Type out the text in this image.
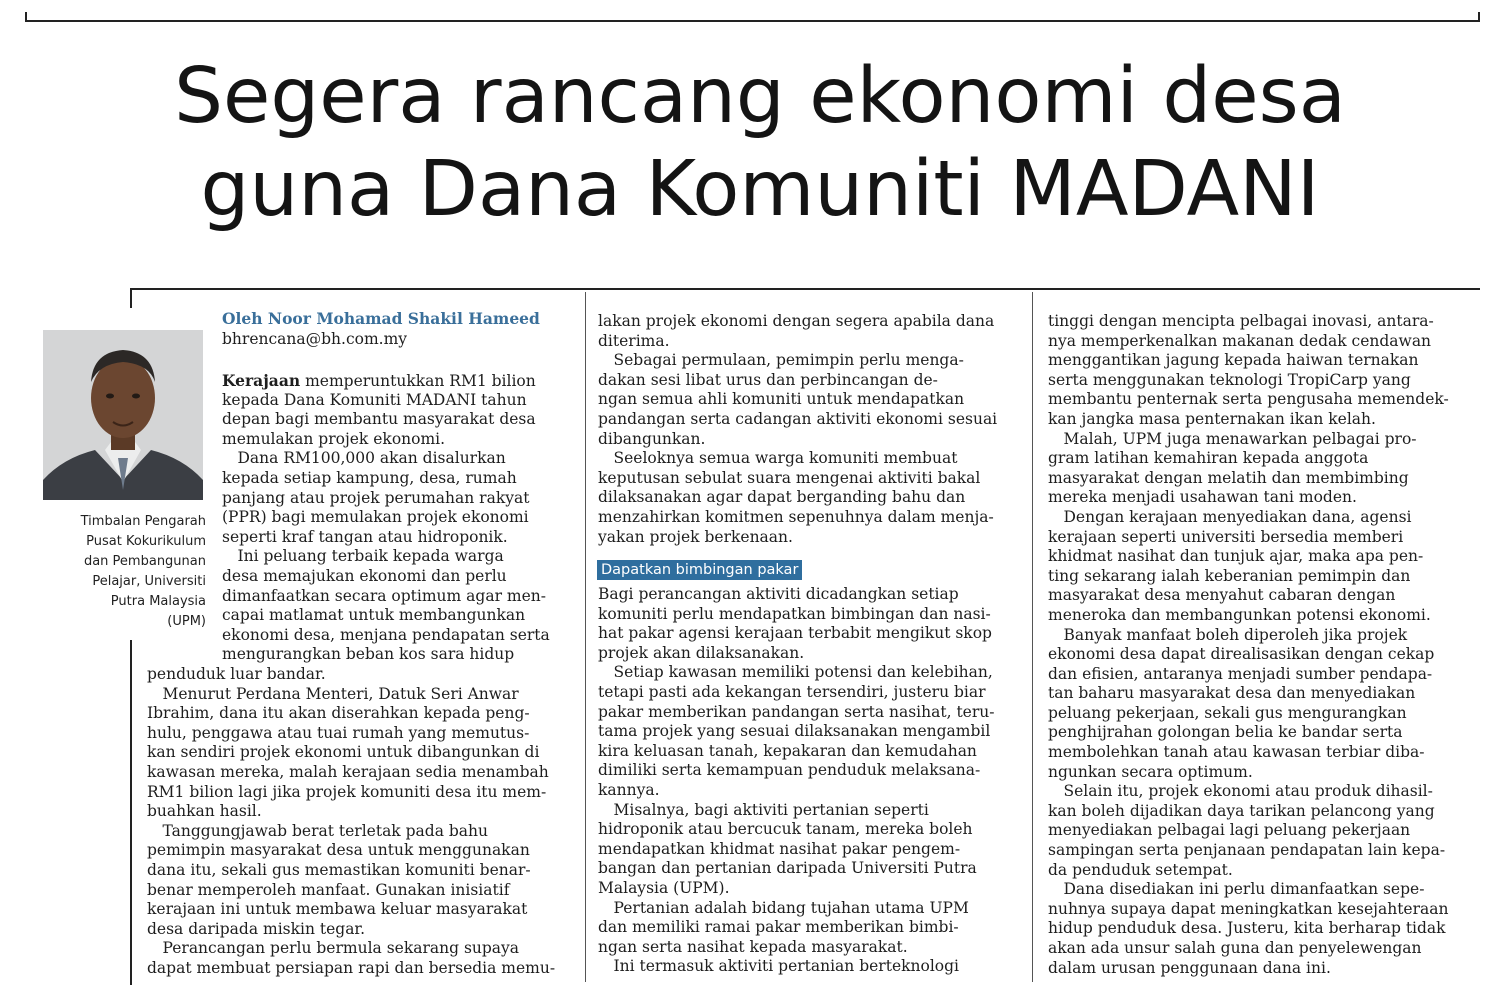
Segera rancang ekonomi desa
guna Dana Komuniti MADANI
Timbalan Pengarah
Pusat Kokurikulum
dan Pembangunan
Pelajar, Universiti
Putra Malaysia
(UPM)
Oleh Noor Mohamad Shakil Hameed
bhrencana@bh.com.my
Kerajaan memperuntukkan RM1 bilion
kepada Dana Komuniti MADANI tahun
depan bagi membantu masyarakat desa
memulakan projek ekonomi.
 Dana RM100,000 akan disalurkan
kepada setiap kampung, desa, rumah
panjang atau projek perumahan rakyat
(PPR) bagi memulakan projek ekonomi
seperti kraf tangan atau hidroponik.
 Ini peluang terbaik kepada warga
desa memajukan ekonomi dan perlu
dimanfaatkan secara optimum agar men-
capai matlamat untuk membangunkan
ekonomi desa, menjana pendapatan serta
mengurangkan beban kos sara hidup
penduduk luar bandar.
 Menurut Perdana Menteri, Datuk Seri Anwar
Ibrahim, dana itu akan diserahkan kepada peng-
hulu, penggawa atau tuai rumah yang memutus-
kan sendiri projek ekonomi untuk dibangunkan di
kawasan mereka, malah kerajaan sedia menambah
RM1 bilion lagi jika projek komuniti desa itu mem-
buahkan hasil.
 Tanggungjawab berat terletak pada bahu
pemimpin masyarakat desa untuk menggunakan
dana itu, sekali gus memastikan komuniti benar-
benar memperoleh manfaat. Gunakan inisiatif
kerajaan ini untuk membawa keluar masyarakat
desa daripada miskin tegar.
 Perancangan perlu bermula sekarang supaya
dapat membuat persiapan rapi dan bersedia memu-
lakan projek ekonomi dengan segera apabila dana
diterima.
 Sebagai permulaan, pemimpin perlu menga-
dakan sesi libat urus dan perbincangan de-
ngan semua ahli komuniti untuk mendapatkan
pandangan serta cadangan aktiviti ekonomi sesuai
dibangunkan.
 Seeloknya semua warga komuniti membuat
keputusan sebulat suara mengenai aktiviti bakal
dilaksanakan agar dapat berganding bahu dan
menzahirkan komitmen sepenuhnya dalam menja-
yakan projek berkenaan.
Dapatkan bimbingan pakar
Bagi perancangan aktiviti dicadangkan setiap
komuniti perlu mendapatkan bimbingan dan nasi-
hat pakar agensi kerajaan terbabit mengikut skop
projek akan dilaksanakan.
 Setiap kawasan memiliki potensi dan kelebihan,
tetapi pasti ada kekangan tersendiri, justeru biar
pakar memberikan pandangan serta nasihat, teru-
tama projek yang sesuai dilaksanakan mengambil
kira keluasan tanah, kepakaran dan kemudahan
dimiliki serta kemampuan penduduk melaksana-
kannya.
 Misalnya, bagi aktiviti pertanian seperti
hidroponik atau bercucuk tanam, mereka boleh
mendapatkan khidmat nasihat pakar pengem-
bangan dan pertanian daripada Universiti Putra
Malaysia (UPM).
 Pertanian adalah bidang tujahan utama UPM
dan memiliki ramai pakar memberikan bimbi-
ngan serta nasihat kepada masyarakat.
 Ini termasuk aktiviti pertanian berteknologi
tinggi dengan mencipta pelbagai inovasi, antara-
nya memperkenalkan makanan dedak cendawan
menggantikan jagung kepada haiwan ternakan
serta menggunakan teknologi TropiCarp yang
membantu penternak serta pengusaha memendek-
kan jangka masa penternakan ikan kelah.
 Malah, UPM juga menawarkan pelbagai pro-
gram latihan kemahiran kepada anggota
masyarakat dengan melatih dan membimbing
mereka menjadi usahawan tani moden.
 Dengan kerajaan menyediakan dana, agensi
kerajaan seperti universiti bersedia memberi
khidmat nasihat dan tunjuk ajar, maka apa pen-
ting sekarang ialah keberanian pemimpin dan
masyarakat desa menyahut cabaran dengan
meneroka dan membangunkan potensi ekonomi.
 Banyak manfaat boleh diperoleh jika projek
ekonomi desa dapat direalisasikan dengan cekap
dan efisien, antaranya menjadi sumber pendapa-
tan baharu masyarakat desa dan menyediakan
peluang pekerjaan, sekali gus mengurangkan
penghijrahan golongan belia ke bandar serta
membolehkan tanah atau kawasan terbiar diba-
ngunkan secara optimum.
 Selain itu, projek ekonomi atau produk dihasil-
kan boleh dijadikan daya tarikan pelancong yang
menyediakan pelbagai lagi peluang pekerjaan
sampingan serta penjanaan pendapatan lain kepa-
da penduduk setempat.
 Dana disediakan ini perlu dimanfaatkan sepe-
nuhnya supaya dapat meningkatkan kesejahteraan
hidup penduduk desa. Justeru, kita berharap tidak
akan ada unsur salah guna dan penyelewengan
dalam urusan penggunaan dana ini.
